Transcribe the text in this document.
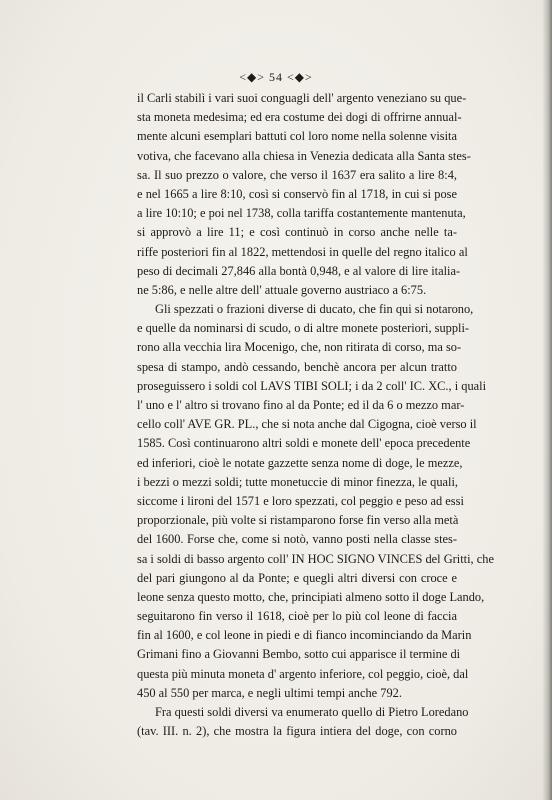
<◆> 54 <◆>
il Carli stabilì i vari suoi conguagli dell' argento veneziano su que-
sta moneta medesima; ed era costume dei dogi di offrirne annual-
mente alcuni esemplari battuti col loro nome nella solenne visita
votiva, che facevano alla chiesa in Venezia dedicata alla Santa stes-
sa. Il suo prezzo o valore, che verso il 1637 era salito a lire 8:4,
e nel 1665 a lire 8:10, così si conservò fin al 1718, in cui si pose
a lire 10:10; e poi nel 1738, colla tariffa costantemente mantenuta,
si approvò a lire 11; e così continuò in corso anche nelle ta-
riffe posteriori fin al 1822, mettendosi in quelle del regno italico al
peso di decimali 27,846 alla bontà 0,948, e al valore di lire italia-
ne 5:86, e nelle altre dell' attuale governo austriaco a 6:75.
Gli spezzati o frazioni diverse di ducato, che fin qui si notarono,
e quelle da nominarsi di scudo, o di altre monete posteriori, suppli-
rono alla vecchia lira Mocenigo, che, non ritirata di corso, ma so-
spesa di stampo, andò cessando, benchè ancora per alcun tratto
proseguissero i soldi col LAVS TIBI SOLI; i da 2 coll' IC. XC., i quali
l' uno e l' altro si trovano fino al da Ponte; ed il da 6 o mezzo mar-
cello coll' AVE GR. PL., che si nota anche dal Cigogna, cioè verso il
1585. Così continuarono altri soldi e monete dell' epoca precedente
ed inferiori, cioè le notate gazzette senza nome di doge, le mezze,
i bezzi o mezzi soldi; tutte monetuccie di minor finezza, le quali,
siccome i lironi del 1571 e loro spezzati, col peggio e peso ad essi
proporzionale, più volte si ristamparono forse fin verso alla metà
del 1600. Forse che, come si notò, vanno posti nella classe stes-
sa i soldi di basso argento coll' IN HOC SIGNO VINCES del Gritti, che
del pari giungono al da Ponte; e quegli altri diversi con croce e
leone senza questo motto, che, principiati almeno sotto il doge Lando,
seguitarono fin verso il 1618, cioè per lo più col leone di faccia
fin al 1600, e col leone in piedi e di fianco incominciando da Marin
Grimani fino a Giovanni Bembo, sotto cui apparisce il termine di
questa più minuta moneta d' argento inferiore, col peggio, cioè, dal
450 al 550 per marca, e negli ultimi tempi anche 792.
Fra questi soldi diversi va enumerato quello di Pietro Loredano
(tav. III. n. 2), che mostra la figura intiera del doge, con corno
